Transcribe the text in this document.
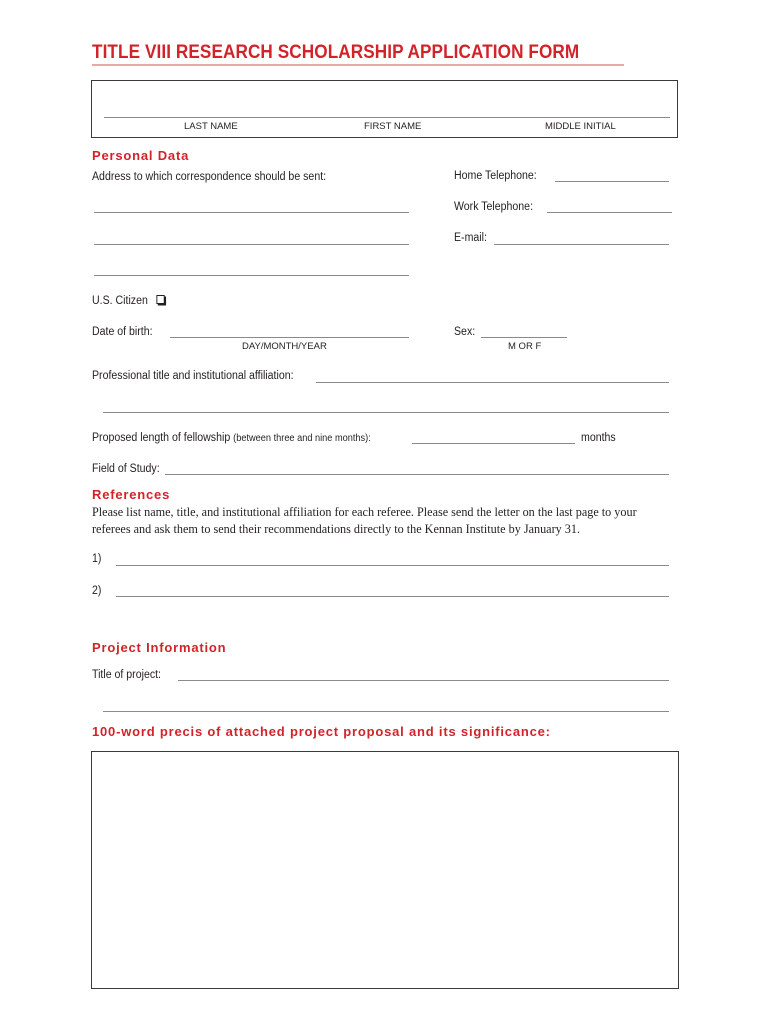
TITLE VIII RESEARCH SCHOLARSHIP APPLICATION FORM
LAST NAME	FIRST NAME	MIDDLE INITIAL
Personal Data
Address to which correspondence should be sent:	Home Telephone:
Work Telephone:
E-mail:
U.S. Citizen
Date of birth:
DAY/MONTH/YEAR
Sex:
M OR F
Professional title and institutional affiliation:
Proposed length of fellowship (between three and nine months):	months
Field of Study:
References
Please list name, title, and institutional affiliation for each referee. Please send the letter on the last page to your
referees and ask them to send their recommendations directly to the Kennan Institute by January 31.
1)
2)
Project Information
Title of project:
100-word precis of attached project proposal and its significance:
